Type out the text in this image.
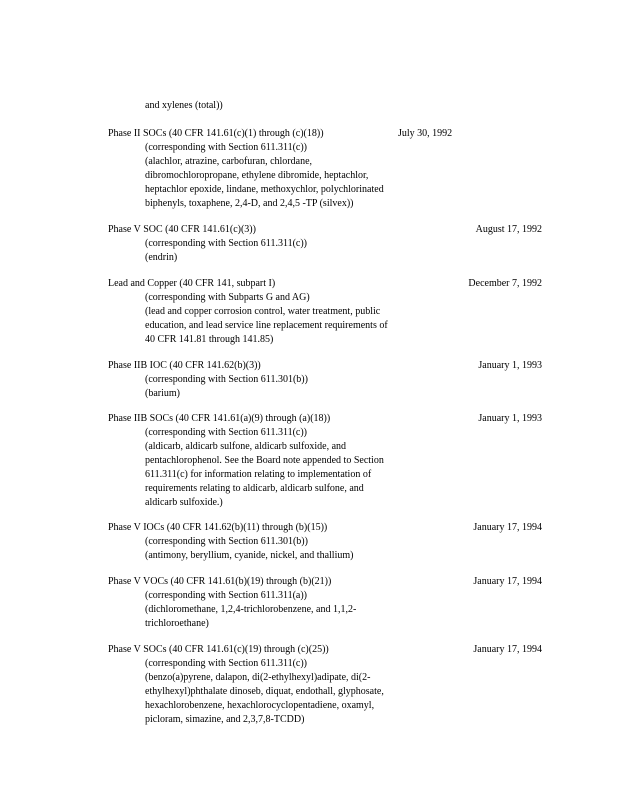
and xylenes (total))
Phase II SOCs (40 CFR 141.61(c)(1) through (c)(18))	July 30, 1992
(corresponding with Section 611.311(c))
(alachlor, atrazine, carbofuran, chlordane,
dibromochloropropane, ethylene dibromide, heptachlor,
heptachlor epoxide, lindane, methoxychlor, polychlorinated
biphenyls, toxaphene, 2,4-D, and 2,4,5 -TP (silvex))
Phase V SOC (40 CFR 141.61(c)(3))	August 17, 1992
(corresponding with Section 611.311(c))
(endrin)
Lead and Copper (40 CFR 141, subpart I)	December 7, 1992
(corresponding with Subparts G and AG)
(lead and copper corrosion control, water treatment, public
education, and lead service line replacement requirements of
40 CFR 141.81 through 141.85)
Phase IIB IOC (40 CFR 141.62(b)(3))	January 1, 1993
(corresponding with Section 611.301(b))
(barium)
Phase IIB SOCs (40 CFR 141.61(a)(9) through (a)(18))	January 1, 1993
(corresponding with Section 611.311(c))
(aldicarb, aldicarb sulfone, aldicarb sulfoxide, and
pentachlorophenol. See the Board note appended to Section
611.311(c) for information relating to implementation of
requirements relating to aldicarb, aldicarb sulfone, and
aldicarb sulfoxide.)
Phase V IOCs (40 CFR 141.62(b)(11) through (b)(15))	January 17, 1994
(corresponding with Section 611.301(b))
(antimony, beryllium, cyanide, nickel, and thallium)
Phase V VOCs (40 CFR 141.61(b)(19) through (b)(21))	January 17, 1994
(corresponding with Section 611.311(a))
(dichloromethane, 1,2,4-trichlorobenzene, and 1,1,2-
trichloroethane)
Phase V SOCs (40 CFR 141.61(c)(19) through (c)(25))	January 17, 1994
(corresponding with Section 611.311(c))
(benzo(a)pyrene, dalapon, di(2-ethylhexyl)adipate, di(2-
ethylhexyl)phthalate dinoseb, diquat, endothall, glyphosate,
hexachlorobenzene, hexachlorocyclopentadiene, oxamyl,
picloram, simazine, and 2,3,7,8-TCDD)
